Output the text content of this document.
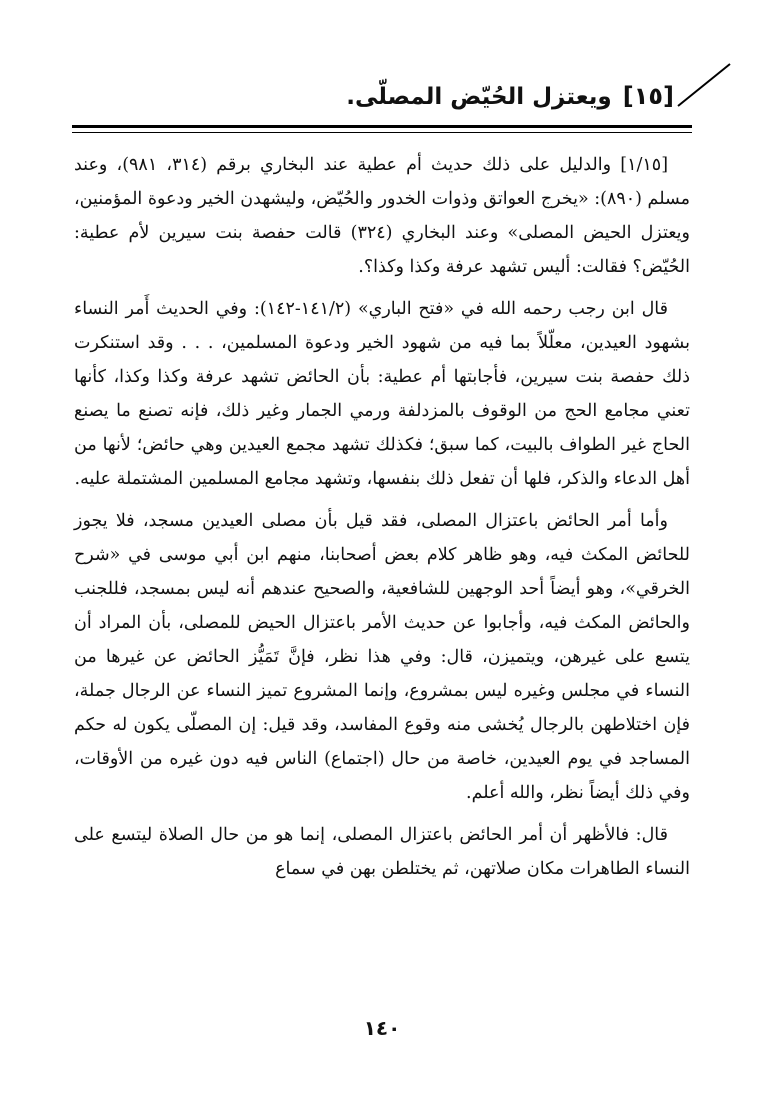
[١٥] ويعتزل الحُيّض المصلّى.

[١/١٥] والدليل على ذلك حديث أم عطية عند البخاري برقم (٣١٤، ٩٨١)، وعند مسلم (٨٩٠): «يخرج العواتق وذوات الخدور والحُيّض، وليشهدن الخير ودعوة المؤمنين، ويعتزل الحيض المصلى» وعند البخاري (٣٢٤) قالت حفصة بنت سيرين لأم عطية: الحُيّض؟ فقالت: أليس تشهد عرفة وكذا وكذا؟.

قال ابن رجب رحمه الله في «فتح الباري» (١٤١/٢-١٤٢): وفي الحديث أَمر النساء بشهود العيدين، معلّلاً بما فيه من شهود الخير ودعوة المسلمين، . . . وقد استنكرت ذلك حفصة بنت سيرين، فأجابتها أم عطية: بأن الحائض تشهد عرفة وكذا وكذا، كأنها تعني مجامع الحج من الوقوف بالمزدلفة ورمي الجمار وغير ذلك، فإنه تصنع ما يصنع الحاج غير الطواف بالبيت، كما سبق؛ فكذلك تشهد مجمع العيدين وهي حائض؛ لأنها من أهل الدعاء والذكر، فلها أن تفعل ذلك بنفسها، وتشهد مجامع المسلمين المشتملة عليه.

وأما أمر الحائض باعتزال المصلى، فقد قيل بأن مصلى العيدين مسجد، فلا يجوز للحائض المكث فيه، وهو ظاهر كلام بعض أصحابنا، منهم ابن أبي موسى في «شرح الخرقي»، وهو أيضاً أحد الوجهين للشافعية، والصحيح عندهم أنه ليس بمسجد، فللجنب والحائض المكث فيه، وأجابوا عن حديث الأمر باعتزال الحيض للمصلى، بأن المراد أن يتسع على غيرهن، ويتميزن، قال: وفي هذا نظر، فإنَّ تَمَيُّز الحائض عن غيرها من النساء في مجلس وغيره ليس بمشروع، وإنما المشروع تميز النساء عن الرجال جملة، فإن اختلاطهن بالرجال يُخشى منه وقوع المفاسد، وقد قيل: إن المصلّى يكون له حكم المساجد في يوم العيدين، خاصة من حال (اجتماع) الناس فيه دون غيره من الأوقات، وفي ذلك أيضاً نظر، والله أعلم.

قال: فالأظهر أن أمر الحائض باعتزال المصلى، إنما هو من حال الصلاة ليتسع على النساء الطاهرات مكان صلاتهن، ثم يختلطن بهن في سماع

١٤٠
